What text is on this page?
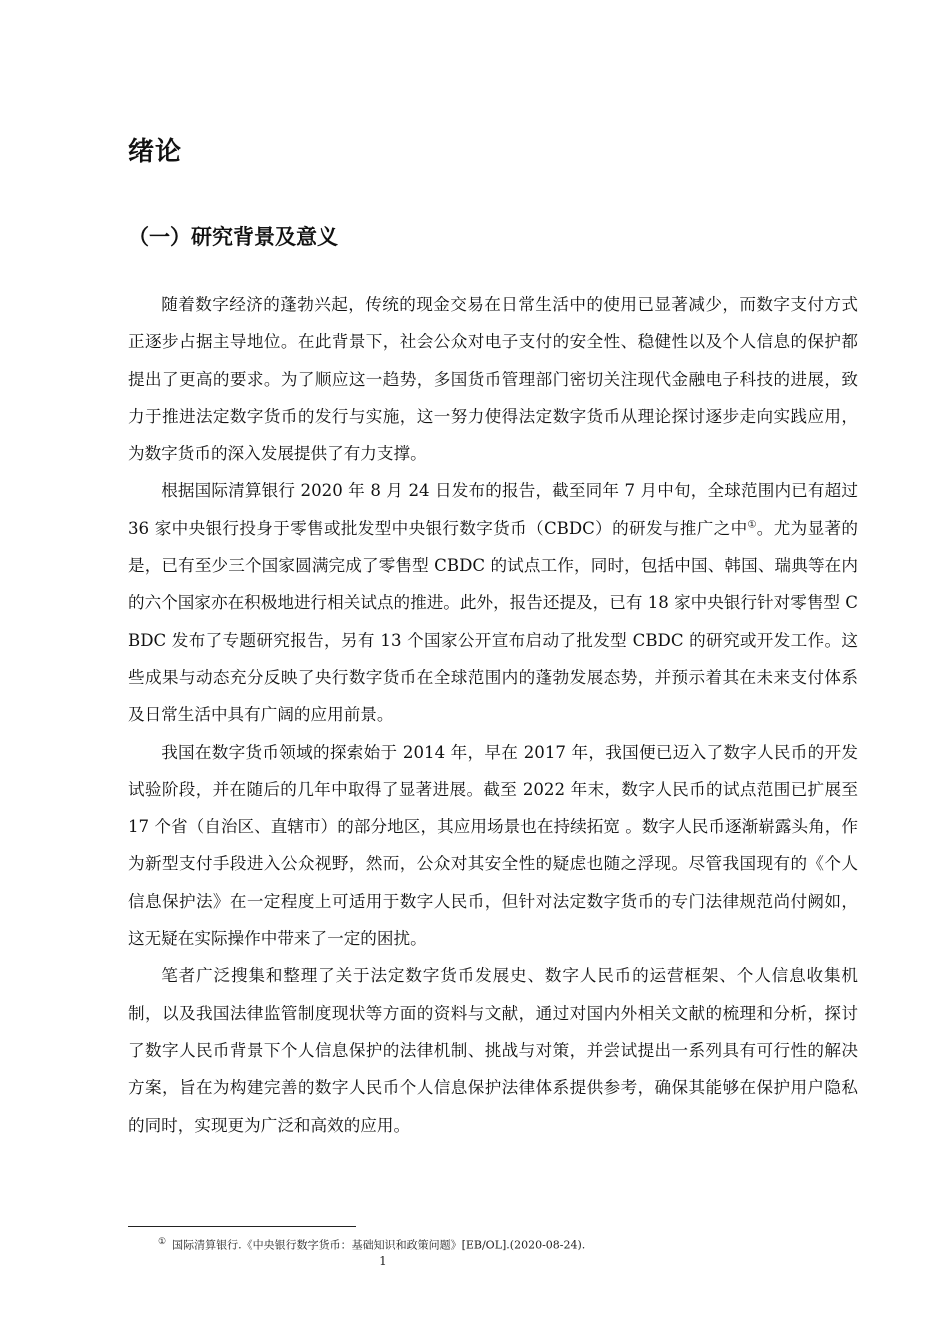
绪论
（一）研究背景及意义

随着数字经济的蓬勃兴起，传统的现金交易在日常生活中的使用已显著减少，而数字支付方式正逐步占据主导地位。在此背景下，社会公众对电子支付的安全性、稳健性以及个人信息的保护都提出了更高的要求。为了顺应这一趋势，多国货币管理部门密切关注现代金融电子科技的进展，致力于推进法定数字货币的发行与实施，这一努力使得法定数字货币从理论探讨逐步走向实践应用，为数字货币的深入发展提供了有力支撑。

根据国际清算银行 2020 年 8 月 24 日发布的报告，截至同年 7 月中旬，全球范围内已有超过 36 家中央银行投身于零售或批发型中央银行数字货币（CBDC）的研发与推广之中①。尤为显著的是，已有至少三个国家圆满完成了零售型 CBDC 的试点工作，同时，包括中国、韩国、瑞典等在内的六个国家亦在积极地进行相关试点的推进。此外，报告还提及，已有 18 家中央银行针对零售型 CBDC 发布了专题研究报告，另有 13 个国家公开宣布启动了批发型 CBDC 的研究或开发工作。这些成果与动态充分反映了央行数字货币在全球范围内的蓬勃发展态势，并预示着其在未来支付体系及日常生活中具有广阔的应用前景。

我国在数字货币领域的探索始于 2014 年，早在 2017 年，我国便已迈入了数字人民币的开发试验阶段，并在随后的几年中取得了显著进展。截至 2022 年末，数字人民币的试点范围已扩展至 17 个省（自治区、直辖市）的部分地区，其应用场景也在持续拓宽 。数字人民币逐渐崭露头角，作为新型支付手段进入公众视野，然而，公众对其安全性的疑虑也随之浮现。尽管我国现有的《个人信息保护法》在一定程度上可适用于数字人民币，但针对法定数字货币的专门法律规范尚付阙如，这无疑在实际操作中带来了一定的困扰。

笔者广泛搜集和整理了关于法定数字货币发展史、数字人民币的运营框架、个人信息收集机制，以及我国法律监管制度现状等方面的资料与文献，通过对国内外相关文献的梳理和分析，探讨了数字人民币背景下个人信息保护的法律机制、挑战与对策，并尝试提出一系列具有可行性的解决方案，旨在为构建完善的数字人民币个人信息保护法律体系提供参考，确保其能够在保护用户隐私的同时，实现更为广泛和高效的应用。

① 国际清算银行.《中央银行数字货币：基础知识和政策问题》[EB/OL].(2020-08-24).

1
